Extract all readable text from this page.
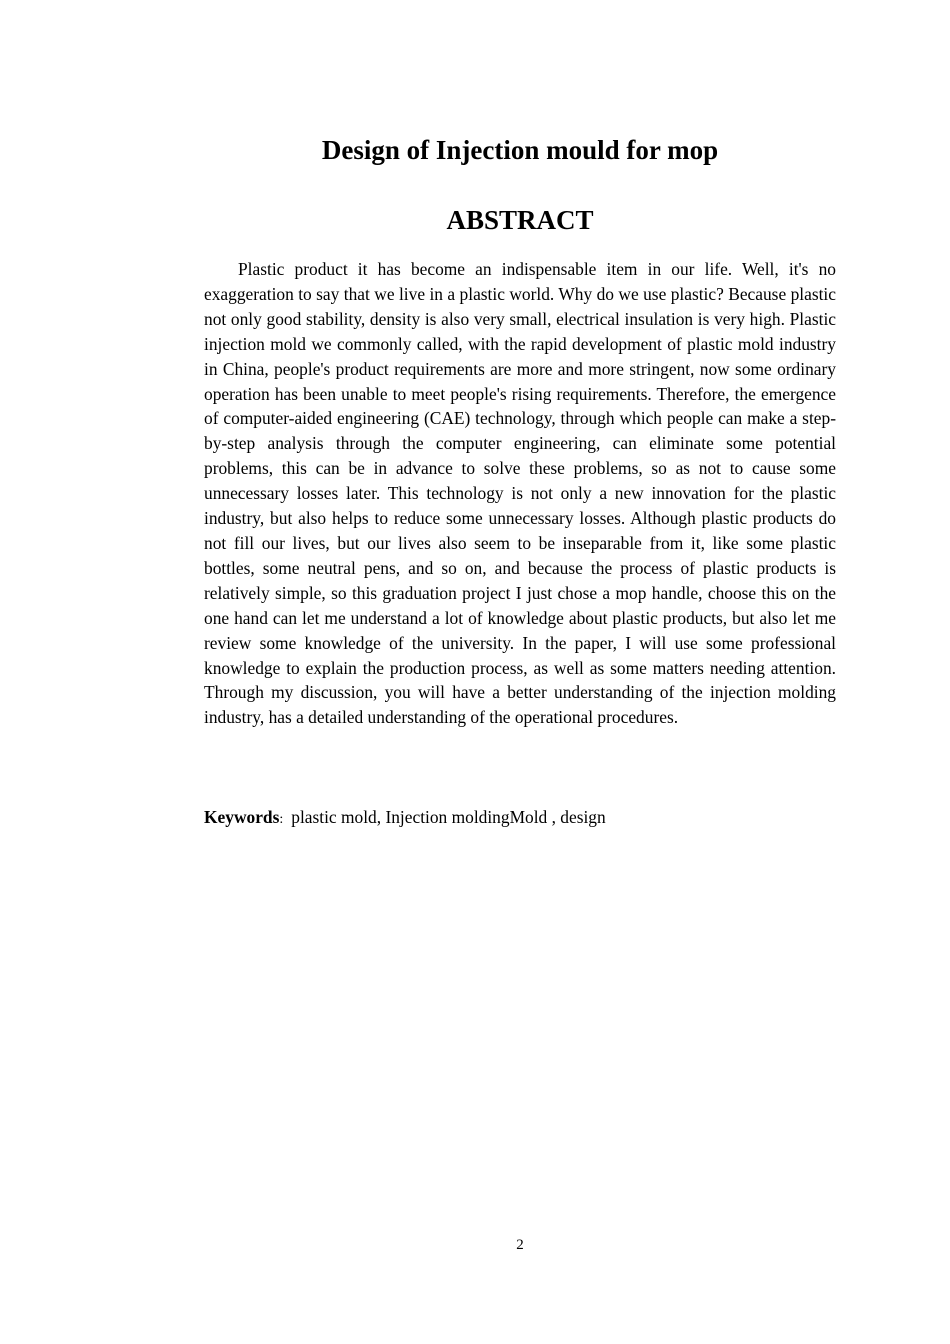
Design of Injection mould for mop
ABSTRACT

Plastic product it has become an indispensable item in our life. Well, it's no exaggeration to say that we live in a plastic world. Why do we use plastic? Because plastic not only good stability, density is also very small, electrical insulation is very high. Plastic injection mold we commonly called, with the rapid development of plastic mold industry in China, people's product requirements are more and more stringent, now some ordinary operation has been unable to meet people's rising requirements. Therefore, the emergence of computer-aided engineering (CAE) technology, through which people can make a step-by-step analysis through the computer engineering, can eliminate some potential problems, this can be in advance to solve these problems, so as not to cause some unnecessary losses later. This technology is not only a new innovation for the plastic industry, but also helps to reduce some unnecessary losses. Although plastic products do not fill our lives, but our lives also seem to be inseparable from it, like some plastic bottles, some neutral pens, and so on, and because the process of plastic products is relatively simple, so this graduation project I just chose a mop handle, choose this on the one hand can let me understand a lot of knowledge about plastic products, but also let me review some knowledge of the university. In the paper, I will use some professional knowledge to explain the production process, as well as some matters needing attention. Through my discussion, you will have a better understanding of the injection molding industry, has a detailed understanding of the operational procedures.

Keywords: plastic mold, Injection moldingMold , design

2
